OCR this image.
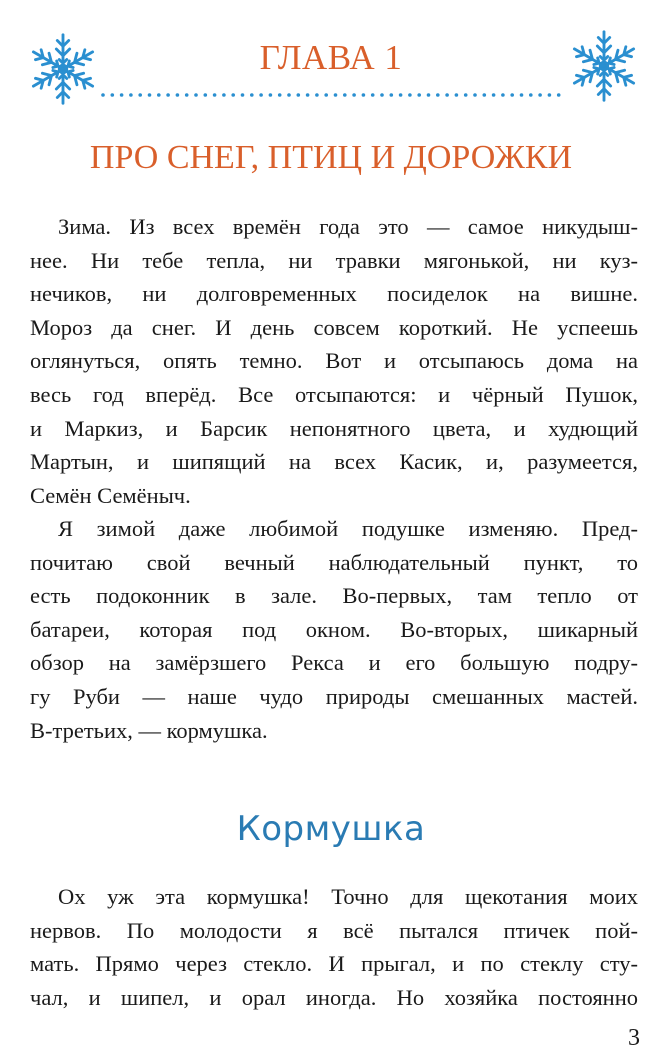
ГЛАВА 1
ПРО СНЕГ, ПТИЦ И ДОРОЖКИ
Зима. Из всех времён года это — самое никудыш-
нее. Ни тебе тепла, ни травки мягонькой, ни куз-
нечиков, ни долговременных посиделок на вишне.
Мороз да снег. И день совсем короткий. Не успеешь
оглянуться, опять темно. Вот и отсыпаюсь дома на
весь год вперёд. Все отсыпаются: и чёрный Пушок,
и Маркиз, и Барсик непонятного цвета, и худющий
Мартын, и шипящий на всех Касик, и, разумеется,
Семён Семёныч.
Я зимой даже любимой подушке изменяю. Пред-
почитаю свой вечный наблюдательный пункт, то
есть подоконник в зале. Во-первых, там тепло от
батареи, которая под окном. Во-вторых, шикарный
обзор на замёрзшего Рекса и его большую подру-
гу Руби — наше чудо природы смешанных мастей.
В-третьих, — кормушка.
Кормушка
Ох уж эта кормушка! Точно для щекотания моих
нервов. По молодости я всё пытался птичек пой-
мать. Прямо через стекло. И прыгал, и по стеклу сту-
чал, и шипел, и орал иногда. Но хозяйка постоянно
3
